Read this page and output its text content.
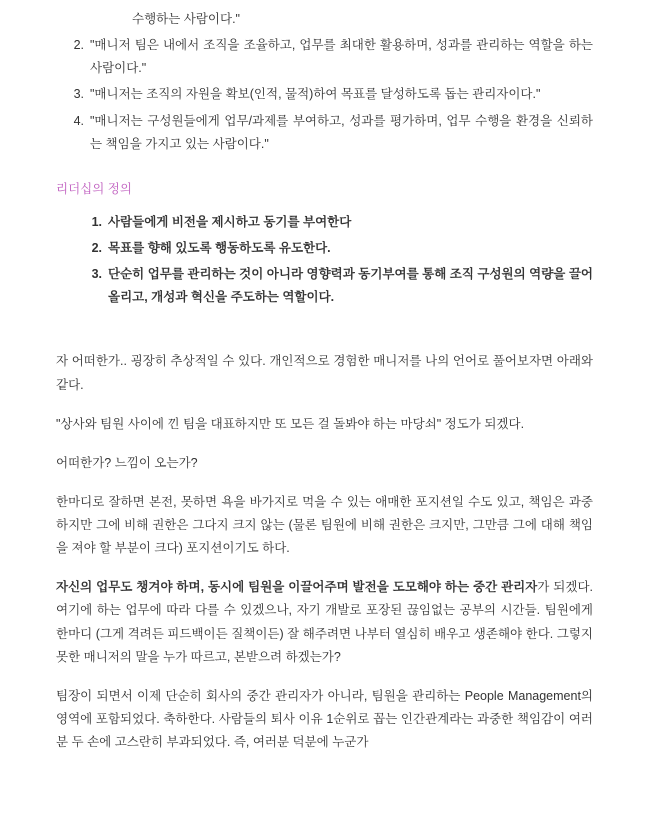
수행하는 사람이다."
2. "매니저 팀은 내에서 조직을 조율하고, 업무를 최대한 활용하며, 성과를 관리하는 역할을 하는 사람이다."
3. "매니저는 조직의 자원을 확보(인적, 물적)하여 목표를 달성하도록 돕는 관리자이다."
4. "매니저는 구성원들에게 업무/과제를 부여하고, 성과를 평가하며, 업무 수행을 환경을 신뢰하는 책임을 가지고 있는 사람이다."
리더십의 정의
1. 사람들에게 비전을 제시하고 동기를 부여한다
2. 목표를 향해 있도록 행동하도록 유도한다.
3. 단순히 업무를 관리하는 것이 아니라 영향력과 동기부여를 통해 조직 구성원의 역량을 끌어올리고, 개성과 혁신을 주도하는 역할이다.

자 어떠한가.. 굉장히 추상적일 수 있다. 개인적으로 경험한 매니저를 나의 언어로 풀어보자면 아래와 같다.

"상사와 팀원 사이에 낀 팀을 대표하지만 또 모든 걸 돌봐야 하는 마당쇠" 정도가 되겠다.

어떠한가? 느낌이 오는가?

한마디로 잘하면 본전, 못하면 욕을 바가지로 먹을 수 있는 애매한 포지션일 수도 있고, 책임은 과중하지만 그에 비해 권한은 그다지 크지 않는 (물론 팀원에 비해 권한은 크지만, 그만큼 그에 대해 책임을 져야 할 부분이 크다) 포지션이기도 하다.

자신의 업무도 챙겨야 하며, 동시에 팀원을 이끌어주며 발전을 도모해야 하는 중간 관리자가 되겠다. 여기에 하는 업무에 따라 다를 수 있겠으나, 자기 개발로 포장된 끊임없는 공부의 시간들. 팀원에게 한마디 (그게 격려든 피드백이든 질책이든) 잘 해주려면 나부터 열심히 배우고 생존해야 한다. 그렇지 못한 매니저의 말을 누가 따르고, 본받으려 하겠는가?

팀장이 되면서 이제 단순히 회사의 중간 관리자가 아니라, 팀원을 관리하는 People Management의 영역에 포함되었다. 축하한다. 사람들의 퇴사 이유 1순위로 꼽는 인간관계라는 과중한 책임감이 여러분 두 손에 고스란히 부과되었다. 즉, 여러분 덕분에 누군가
